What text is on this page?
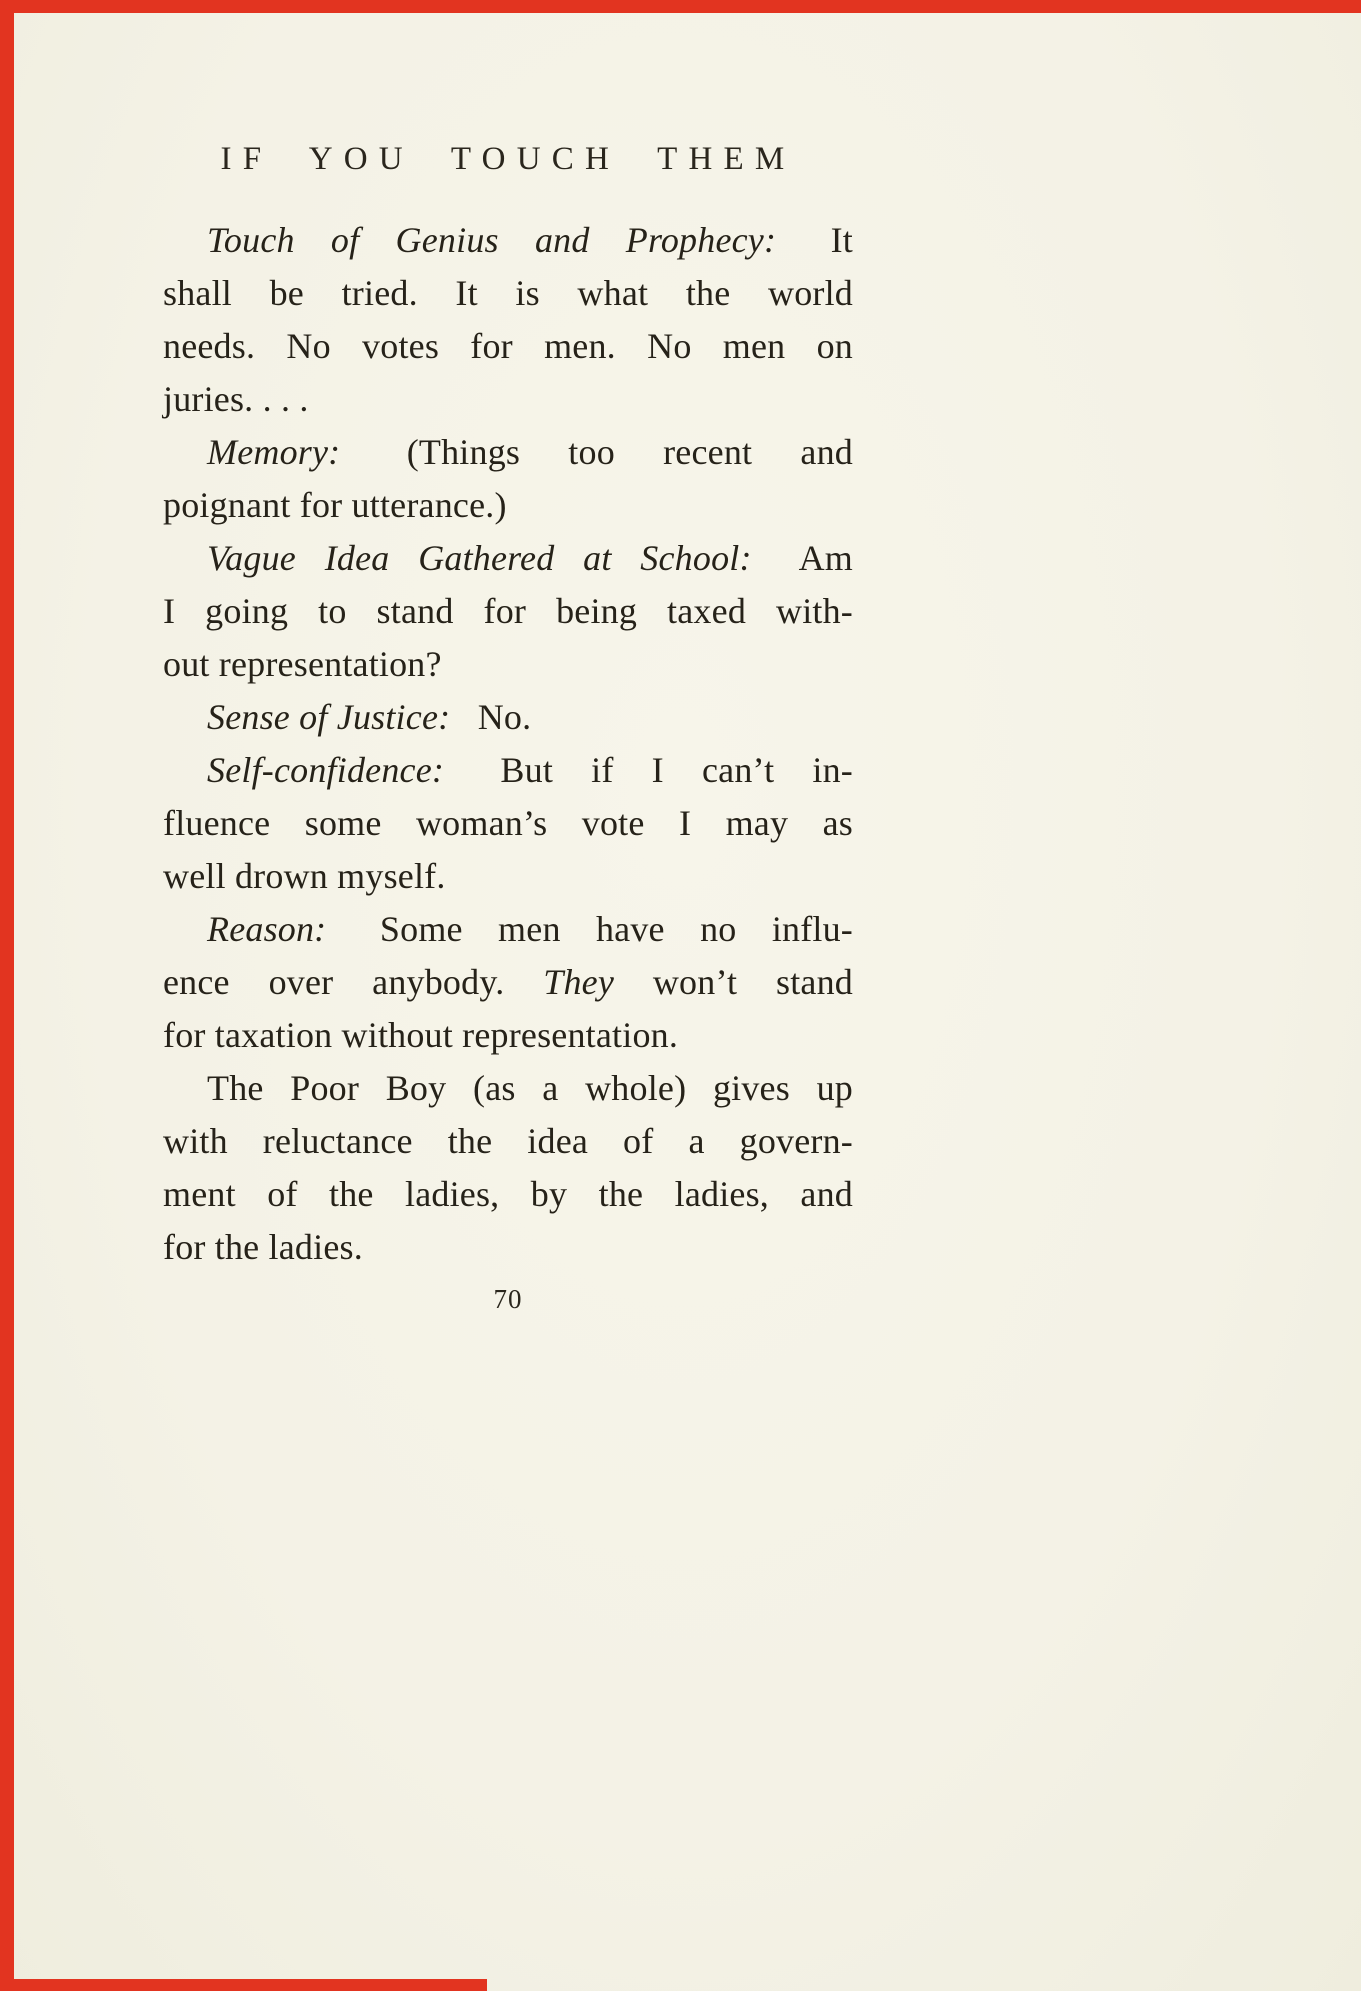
IF YOU TOUCH THEM
Touch of Genius and Prophecy:  It
shall be tried. It is what the world
needs. No votes for men. No men on
juries. . . .
Memory:  (Things too recent and
poignant for utterance.)
Vague Idea Gathered at School:  Am
I going to stand for being taxed with-
out representation?
Sense of Justice:  No.
Self-confidence:  But if I can’t in-
fluence some woman’s vote I may as
well drown myself.
Reason:  Some men have no influ-
ence over anybody. They won’t stand
for taxation without representation.
The Poor Boy (as a whole) gives up
with reluctance the idea of a govern-
ment of the ladies, by the ladies, and
for the ladies.
70
